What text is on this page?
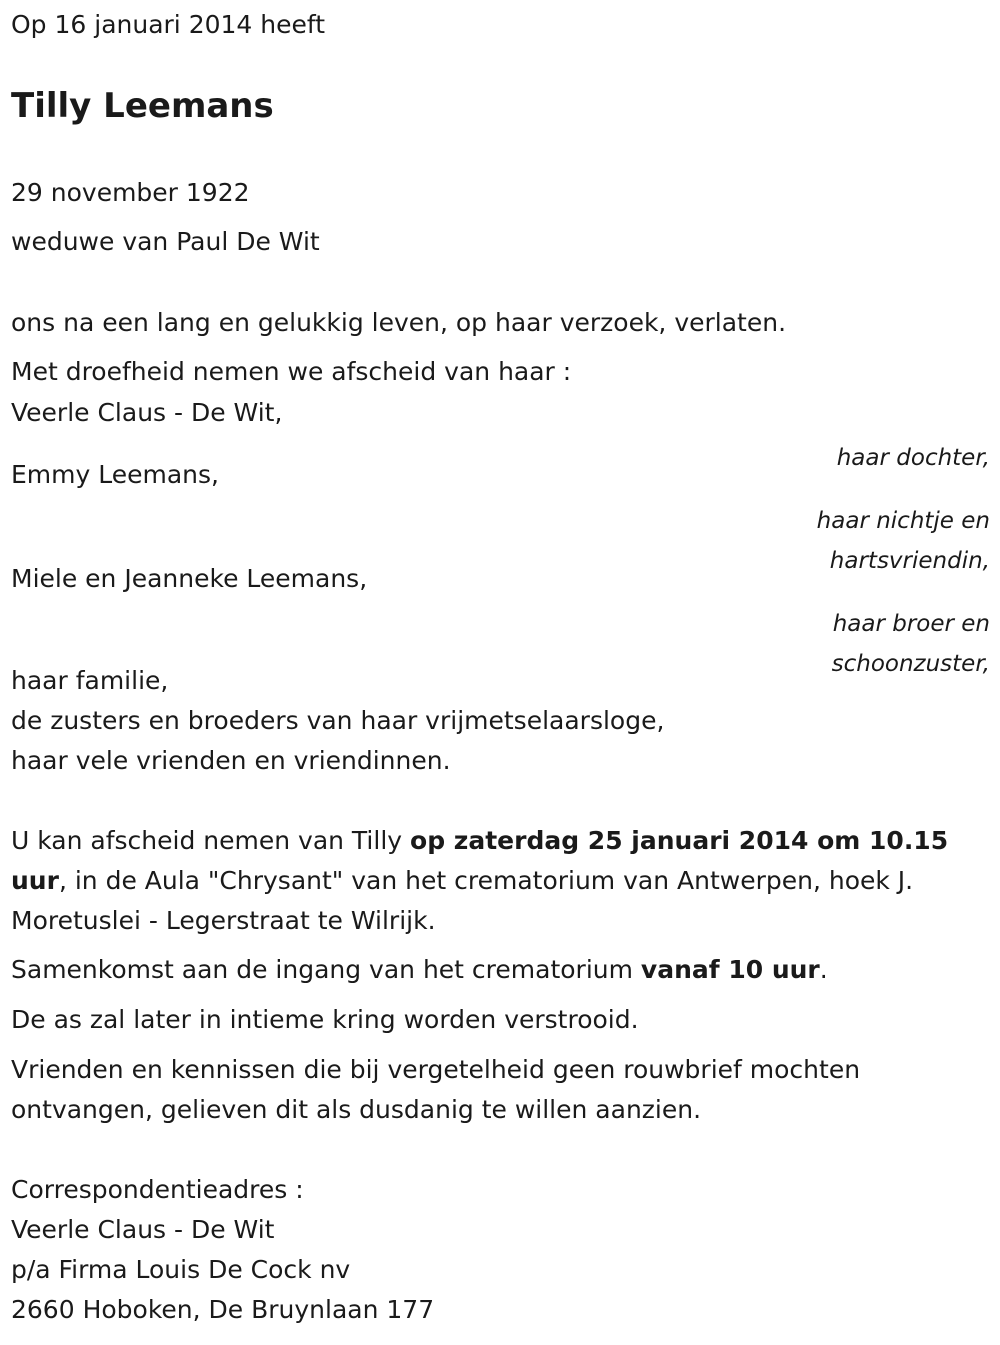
Op 16 januari 2014 heeft

Tilly Leemans

29 november 1922

weduwe van Paul De Wit

ons na een lang en gelukkig leven, op haar verzoek, verlaten.

Met droefheid nemen we afscheid van haar :

Veerle Claus - De Wit,

haar dochter,

Emmy Leemans,

haar nichtje en

hartsvriendin,

Miele en Jeanneke Leemans,

haar broer en

schoonzuster,

haar familie,

de zusters en broeders van haar vrijmetselaarsloge,

haar vele vrienden en vriendinnen.

U kan afscheid nemen van Tilly op zaterdag 25 januari 2014 om 10.15

uur, in de Aula "Chrysant" van het crematorium van Antwerpen, hoek J.

Moretuslei - Legerstraat te Wilrijk.

Samenkomst aan de ingang van het crematorium vanaf 10 uur.

De as zal later in intieme kring worden verstrooid.

Vrienden en kennissen die bij vergetelheid geen rouwbrief mochten

ontvangen, gelieven dit als dusdanig te willen aanzien.

Correspondentieadres :

Veerle Claus - De Wit

p/a Firma Louis De Cock nv

2660 Hoboken, De Bruynlaan 177
